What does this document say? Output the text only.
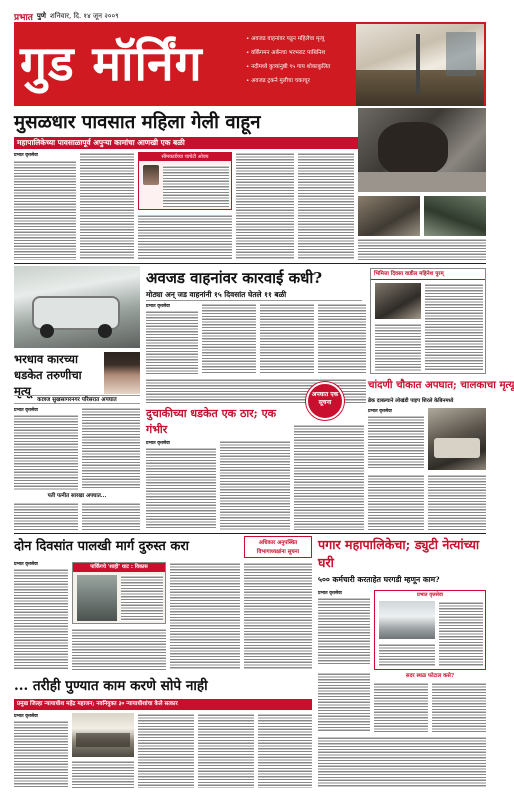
प्रभात पुणे शनिवार, दि. १४ जून २००९
गुड मॉर्निंग	• अवजड वाहनांवर पडून महिलेचा मृत्यू
• वर्किंगमन अर्बनचा भरभराट पाथिनिश
• नदीमध्ये कुत्र्यांनुष्ठी ९५ गाय शोकाकुलित
• अवजड ट्रकने मुलीचा चकाचूर
मुसळधार पावसात महिला गेली वाहून
महापालिकेच्या पावसाळापूर्व अपुऱ्या कामांचा आणखी एक बळी
प्रभात वृत्तसेवा	सीमकार्डच्या चाचेटी ओवय
अवजड वाहनांवर कारवाई कधी?
मोठ्या अन् जड वाहनांनी १५ दिवसांत घेतले ११ बळी
प्रभात वृत्तसेवा
भिमित्ता दिवसा वाडील महिनेश पुरम्
भरधाव कारच्या धडकेत तरुणीचा मृत्यू
कात्रज सुखसागरनगर परिसरात अपघात
प्रभात वृत्तसेवा
पती पत्नीत सारखा अपघात...
दुचाकीच्या धडकेत एक ठार; एक गंभीर
अपघात एक सूचना
प्रभात वृत्तसेवा
चांदणी चौकात अपघात; चालकाचा मृत्यू
ब्रेक दाबल्याने लोखंडी पाइप शिरले केबिनमध्ये
प्रभात वृत्तसेवा
दोन दिवसांत पालखी मार्ग दुरुस्त करा	अधिकार अनुपस्थित विभागाध्यक्षांना सूचना
प्रभात वृत्तसेवा	पार्किंगचे 'शाही' थाट : विकास
पगार महापालिकेचा; ड्युटी नेत्यांच्या घरी
५०० कर्मचारी करताहेत घरगडी म्हणून काम?
प्रभात वृत्तसेवा	प्रभात वृत्तसेवा
सदर स्थळ फोटाल कसे?
... तरीही पुण्यात काम करणे सोपे नाही
प्रमुख जिल्हा न्यायाधीश महेंद्र महाजन; नवनियुक्त ३० न्यायाधीशांचा केले सत्कार
प्रभात वृत्तसेवा
